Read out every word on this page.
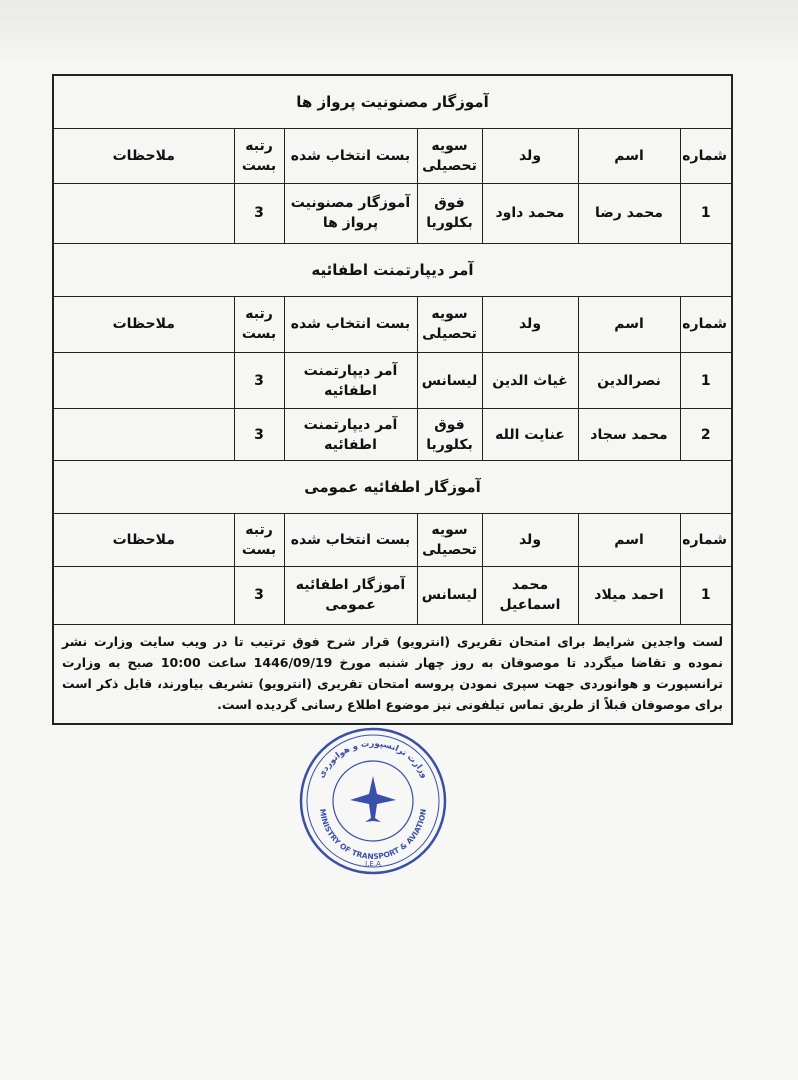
آموزگار مصنونیت پرواز ها
شماره	اسم	ولد	سویه تحصیلی	بست انتخاب شده	رتبه بست	ملاحظات
1	محمد رضا	محمد داود	فوق بکلوریا	آموزگار مصنونیت پرواز ها	3	
آمر دیپارتمنت اطفائیه
شماره	اسم	ولد	سویه تحصیلی	بست انتخاب شده	رتبه بست	ملاحظات
1	نصرالدین	غیاث الدین	لیسانس	آمر دیپارتمنت اطفائیه	3	
2	محمد سجاد	عنایت الله	فوق بکلوریا	آمر دیپارتمنت اطفائیه	3	
آموزگار اطفائیه عمومی
شماره	اسم	ولد	سویه تحصیلی	بست انتخاب شده	رتبه بست	ملاحظات
1	احمد میلاد	محمد اسماعیل	لیسانس	آموزگار اطفائیه عمومی	3	
لست واجدین شرایط برای امتحان تقریری (انترویو) قرار شرح فوق ترتیب تا در ویب سایت وزارت نشر نموده و تقاضا میگردد تا موصوفان به روز چهار شنبه مورخ 1446/09/19 ساعت 10:00 صبح به وزارت ترانسپورت و هوانوردی جهت سپری نمودن پروسه امتحان تقریری (انترویو) تشریف بیاورند، قابل ذکر است برای موصوفان قبلاً از طریق تماس تیلفونی نیز موضوع اطلاع رسانی گردیده است.
وزارت ترانسپورت و هوانوردی
MINISTRY OF TRANSPORT & AVIATION
I.E.A
